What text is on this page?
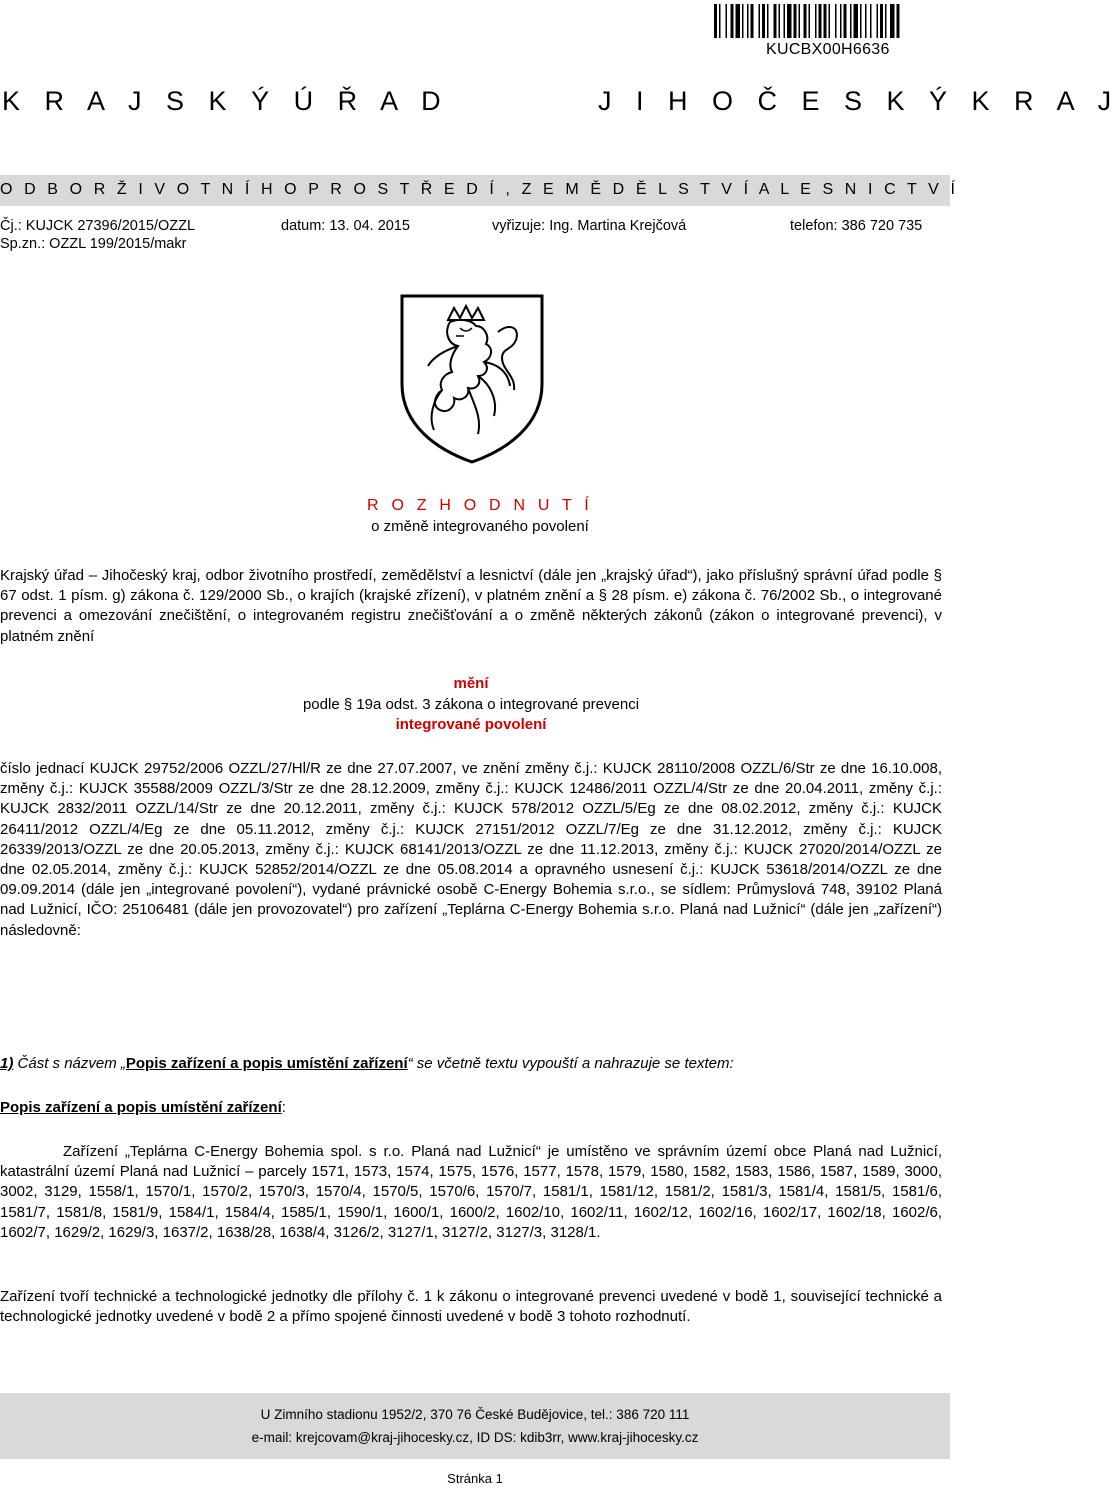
KUCBX00H6636
K R A J S K Ý Ú Ř A D	J I H O Č E S K Ý K R A J
O D B O R Ž I V O T N Í H O P R O S T Ř E D Í , Z E M Ě D Ě L S T V Í A L E S N I C T V Í
Čj.: KUJCK 27396/2015/OZZL	datum: 13. 04. 2015	vyřizuje: Ing. Martina Krejčová	telefon: 386 720 735
Sp.zn.: OZZL 199/2015/makr
R O Z H O D N U T Í
o změně integrovaného povolení
Krajský úřad – Jihočeský kraj, odbor životního prostředí, zemědělství a lesnictví (dále jen „krajský úřad“), jako příslušný správní úřad podle § 67 odst. 1 písm. g) zákona č. 129/2000 Sb., o krajích (krajské zřízení), v platném znění a § 28 písm. e) zákona č. 76/2002 Sb., o integrované prevenci a omezování znečištění, o integrovaném registru znečišťování a o změně některých zákonů (zákon o integrované prevenci), v platném znění
mění
podle § 19a odst. 3 zákona o integrované prevenci
integrované povolení
číslo jednací KUJCK 29752/2006 OZZL/27/Hl/R ze dne 27.07.2007, ve znění změny č.j.: KUJCK 28110/2008 OZZL/6/Str ze dne 16.10.008, změny č.j.: KUJCK 35588/2009 OZZL/3/Str ze dne 28.12.2009, změny č.j.: KUJCK 12486/2011 OZZL/4/Str ze dne 20.04.2011, změny č.j.: KUJCK 2832/2011 OZZL/14/Str ze dne 20.12.2011, změny č.j.: KUJCK 578/2012 OZZL/5/Eg ze dne 08.02.2012, změny č.j.: KUJCK 26411/2012 OZZL/4/Eg ze dne 05.11.2012, změny č.j.: KUJCK 27151/2012 OZZL/7/Eg ze dne 31.12.2012, změny č.j.: KUJCK 26339/2013/OZZL ze dne 20.05.2013, změny č.j.: KUJCK 68141/2013/OZZL ze dne 11.12.2013, změny č.j.: KUJCK 27020/2014/OZZL ze dne 02.05.2014, změny č.j.: KUJCK 52852/2014/OZZL ze dne 05.08.2014 a opravného usnesení č.j.: KUJCK 53618/2014/OZZL ze dne 09.09.2014 (dále jen „integrované povolení“), vydané právnické osobě C-Energy Bohemia s.r.o., se sídlem: Průmyslová 748, 39102 Planá nad Lužnicí, IČO: 25106481 (dále jen provozovatel“) pro zařízení „Teplárna C-Energy Bohemia s.r.o. Planá nad Lužnicí“ (dále jen „zařízení“) následovně:
1) Část s názvem „Popis zařízení a popis umístění zařízení“ se včetně textu vypouští a nahrazuje se textem:
Popis zařízení a popis umístění zařízení:
Zařízení „Teplárna C-Energy Bohemia spol. s r.o. Planá nad Lužnicí“ je umístěno ve správním území obce Planá nad Lužnicí, katastrální území Planá nad Lužnicí – parcely 1571, 1573, 1574, 1575, 1576, 1577, 1578, 1579, 1580, 1582, 1583, 1586, 1587, 1589, 3000, 3002, 3129, 1558/1, 1570/1, 1570/2, 1570/3, 1570/4, 1570/5, 1570/6, 1570/7, 1581/1, 1581/12, 1581/2, 1581/3, 1581/4, 1581/5, 1581/6, 1581/7, 1581/8, 1581/9, 1584/1, 1584/4, 1585/1, 1590/1, 1600/1, 1600/2, 1602/10, 1602/11, 1602/12, 1602/16, 1602/17, 1602/18, 1602/6, 1602/7, 1629/2, 1629/3, 1637/2, 1638/28, 1638/4, 3126/2, 3127/1, 3127/2, 3127/3, 3128/1.
Zařízení tvoří technické a technologické jednotky dle přílohy č. 1 k zákonu o integrované prevenci uvedené v bodě 1, související technické a technologické jednotky uvedené v bodě 2 a přímo spojené činnosti uvedené v bodě 3 tohoto rozhodnutí.
U Zimního stadionu 1952/2, 370 76 České Budějovice, tel.: 386 720 111
e-mail: krejcovam@kraj-jihocesky.cz, ID DS: kdib3rr, www.kraj-jihocesky.cz
Stránka 1
